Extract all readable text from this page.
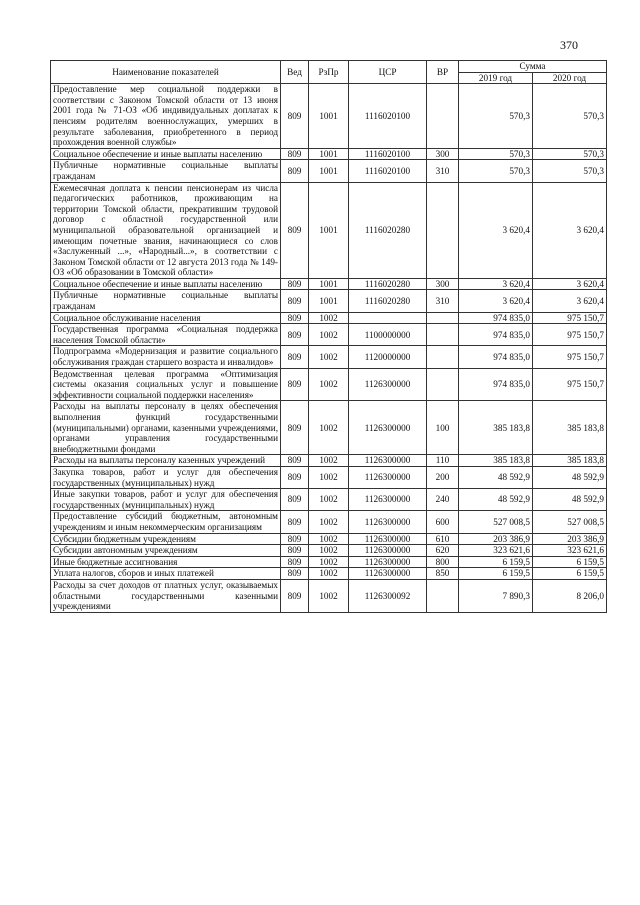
370
Наименование показателей	Вед	РзПр	ЦСР	ВР	Сумма	
					2019 год	2020 год
Предоставление мер социальной поддержки в соответствии с Законом Томской области от 13 июня 2001 года № 71-ОЗ «Об индивидуальных доплатах к пенсиям родителям военнослужащих, умерших в результате заболевания, приобретенного в период прохождения военной службы»	809	1001	1116020100		570,3	570,3
Социальное обеспечение и иные выплаты населению	809	1001	1116020100	300	570,3	570,3
Публичные нормативные социальные выплаты гражданам	809	1001	1116020100	310	570,3	570,3
Ежемесячная доплата к пенсии пенсионерам из числа педагогических работников, проживающим на территории Томской области, прекратившим трудовой договор с областной государственной или муниципальной образовательной организацией и имеющим почетные звания, начинающиеся со слов «Заслуженный ...», «Народный...», в соответствии с Законом Томской области от 12 августа 2013 года № 149-ОЗ «Об образовании в Томской области»	809	1001	1116020280		3 620,4	3 620,4
Социальное обеспечение и иные выплаты населению	809	1001	1116020280	300	3 620,4	3 620,4
Публичные нормативные социальные выплаты гражданам	809	1001	1116020280	310	3 620,4	3 620,4
Социальное обслуживание населения	809	1002			974 835,0	975 150,7
Государственная программа «Социальная поддержка населения Томской области»	809	1002	1100000000		974 835,0	975 150,7
Подпрограмма «Модернизация и развитие социального обслуживания граждан старшего возраста и инвалидов»	809	1002	1120000000		974 835,0	975 150,7
Ведомственная целевая программа «Оптимизация системы оказания социальных услуг и повышение эффективности социальной поддержки населения»	809	1002	1126300000		974 835,0	975 150,7
Расходы на выплаты персоналу в целях обеспечения выполнения функций государственными (муниципальными) органами, казенными учреждениями, органами управления государственными внебюджетными фондами	809	1002	1126300000	100	385 183,8	385 183,8
Расходы на выплаты персоналу казенных учреждений	809	1002	1126300000	110	385 183,8	385 183,8
Закупка товаров, работ и услуг для обеспечения государственных (муниципальных) нужд	809	1002	1126300000	200	48 592,9	48 592,9
Иные закупки товаров, работ и услуг для обеспечения государственных (муниципальных) нужд	809	1002	1126300000	240	48 592,9	48 592,9
Предоставление субсидий бюджетным, автономным учреждениям и иным некоммерческим организациям	809	1002	1126300000	600	527 008,5	527 008,5
Субсидии бюджетным учреждениям	809	1002	1126300000	610	203 386,9	203 386,9
Субсидии автономным учреждениям	809	1002	1126300000	620	323 621,6	323 621,6
Иные бюджетные ассигнования	809	1002	1126300000	800	6 159,5	6 159,5
Уплата налогов, сборов и иных платежей	809	1002	1126300000	850	6 159,5	6 159,5
Расходы за счет доходов от платных услуг, оказываемых областными государственными казенными учреждениями	809	1002	1126300092		7 890,3	8 206,0
